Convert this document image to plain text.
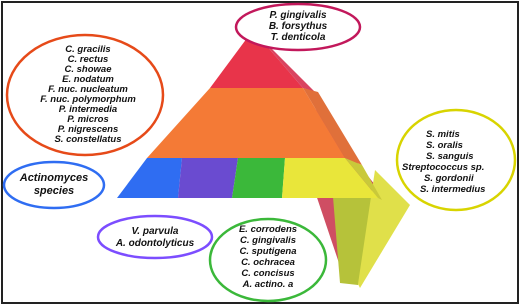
P. gingivalis
B. forsythus
T. denticola
C. gracilis
C. rectus
C. showae
E. nodatum
F. nuc. nucleatum
F. nuc. polymorphum
P. intermedia
P. micros
P. nigrescens
S. constellatus	S. mitis
S. oralis
S. sanguis
Streptococcus sp.
S. gordonii
S. intermedius
Actinomyces
species
V. parvula
A. odontolyticus
E. corrodens
C. gingivalis
C. sputigena
C. ochracea
C. concisus
A. actino. a
